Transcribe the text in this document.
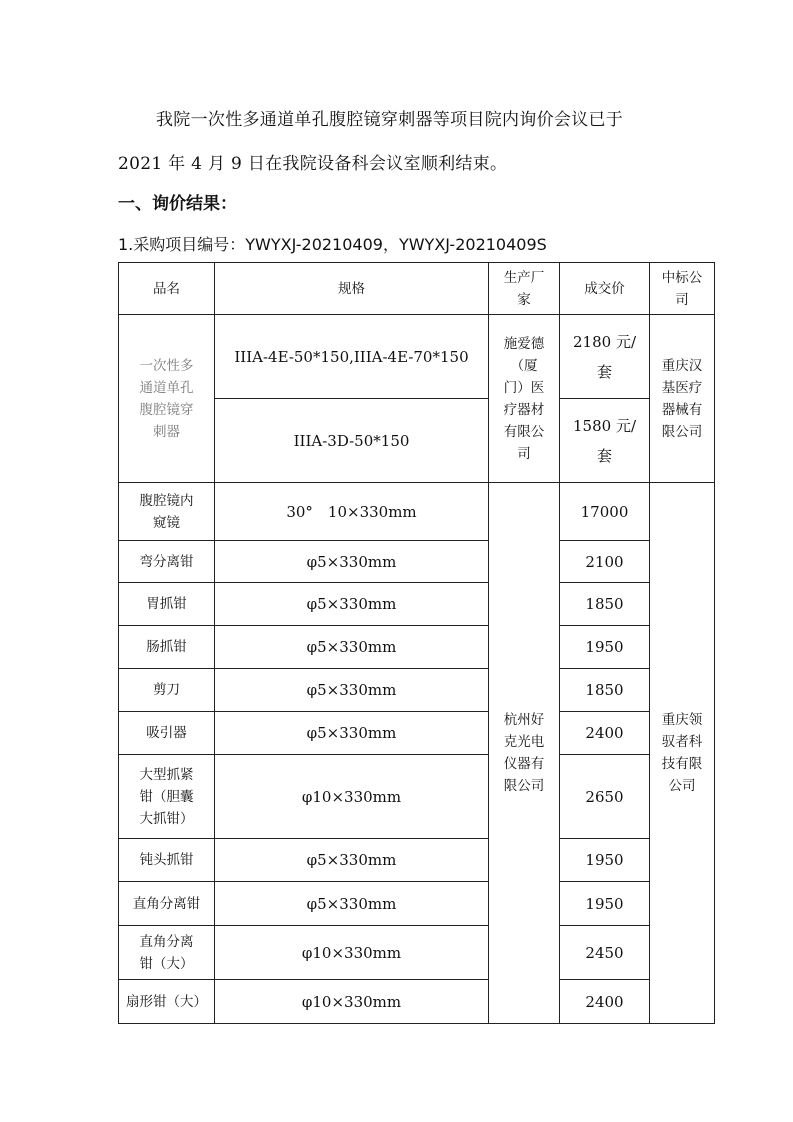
我院一次性多通道单孔腹腔镜穿刺器等项目院内询价会议已于
2021 年 4 月 9 日在我院设备科会议室顺利结束。
一、询价结果：
1.采购项目编号：YWYXJ-20210409，YWYXJ-20210409S
品名	规格	生产厂家	成交价	中标公司
一次性多通道单孔腹腔镜穿刺器	IIIA-4E-50*150,IIIA-4E-70*150	施爱德（厦门）医疗器材有限公司	2180 元/套	重庆汉基医疗器械有限公司
	IIIA-3D-50*150		1580 元/套	
腹腔镜内窥镜	30°　10×330mm	杭州好克光电仪器有限公司	17000	重庆领驭者科技有限公司
弯分离钳	φ5×330mm		2100	
胃抓钳	φ5×330mm		1850	
肠抓钳	φ5×330mm		1950	
剪刀	φ5×330mm		1850	
吸引器	φ5×330mm		2400	
大型抓紧钳（胆囊大抓钳）	φ10×330mm		2650	
钝头抓钳	φ5×330mm		1950	
直角分离钳	φ5×330mm		1950	
直角分离钳（大）	φ10×330mm		2450	
扇形钳（大）	φ10×330mm		2400	
